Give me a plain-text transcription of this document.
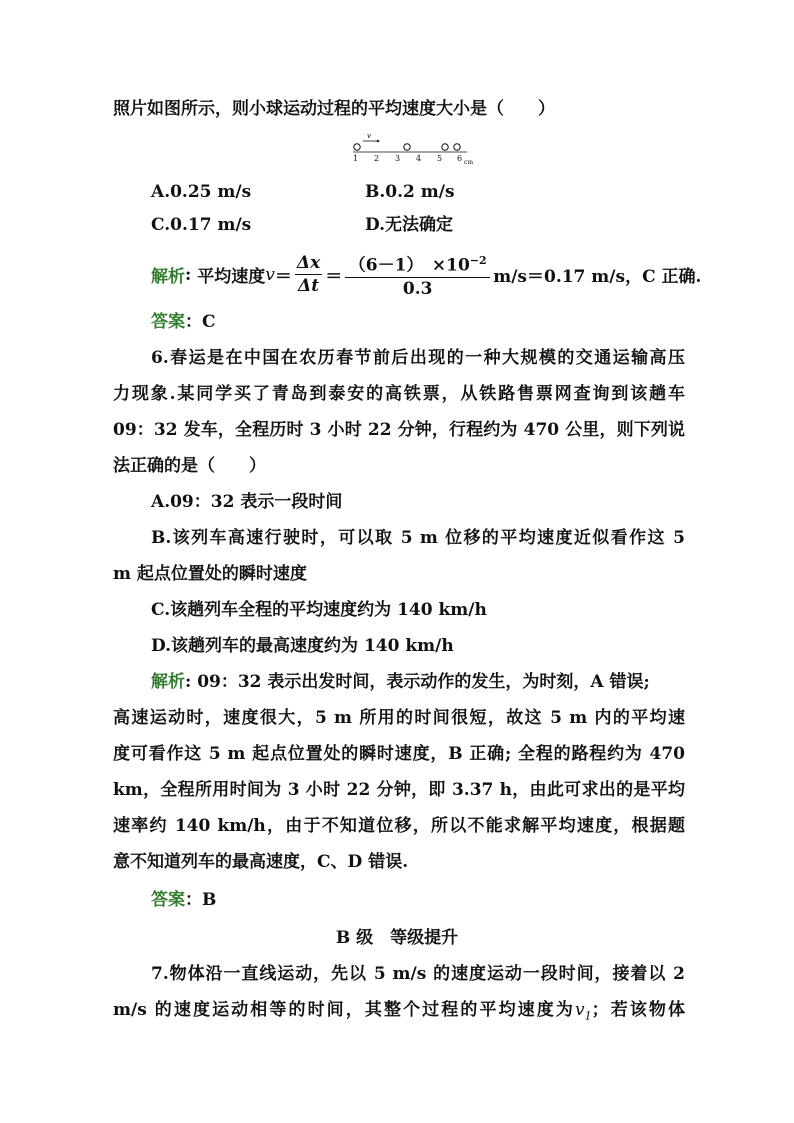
照片如图所示，则小球运动过程的平均速度大小是（　　）
v
1 2 3 4 5 6 cm
A.0.25 m/s	B.0.2 m/s
C.0.17 m/s	D.无法确定
解析 : 平均速度 $v = \frac{\Delta x}{\Delta t} = \frac{(6-1) \times 10^{-2}}{0.3} m/s=0.17$ m/s，C 正确.
答案：C
6.春运是在中国在农历春节前后出现的一种大规模的交通运输高压
力现象.某同学买了青岛到泰安的高铁票，从铁路售票网查询到该趟车
09：32 发车，全程历时 3 小时 22 分钟，行程约为 470 公里，则下列说
法正确的是（　　）
A.09：32 表示一段时间
B.该列车高速行驶时，可以取 5 m 位移的平均速度近似看作这 5
m 起点位置处的瞬时速度
C.该趟列车全程的平均速度约为 140 km/h
D.该趟列车的最高速度约为 140 km/h
解析: 09：32 表示出发时间，表示动作的发生，为时刻，A 错误;
高速运动时，速度很大，5 m 所用的时间很短，故这 5 m 内的平均速
度可看作这 5 m 起点位置处的瞬时速度，B 正确; 全程的路程约为 470
km，全程所用时间为 3 小时 22 分钟，即 3.37 h，由此可求出的是平均
速率约 140 km/h，由于不知道位移，所以不能求解平均速度，根据题
意不知道列车的最高速度，C、D 错误.
答案：B
B 级　等级提升
7.物体沿一直线运动，先以 5 m/s 的速度运动一段时间，接着以 2
m/s 的速度运动相等的时间，其整个过程的平均速度为$v_1$；若该物体
